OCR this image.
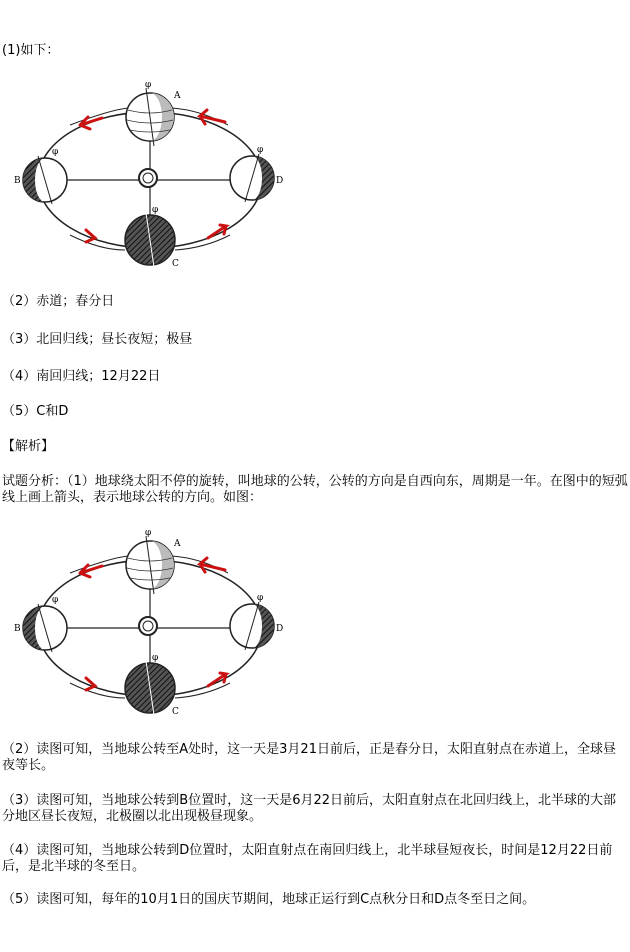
(1)如下：
A
φ
B
φ
D
φ
C
φ
（2）赤道；春分日
（3）北回归线；昼长夜短；极昼
（4）南回归线；12月22日
（5）C和D
【解析】
试题分析：（1）地球绕太阳不停的旋转，叫地球的公转，公转的方向是自西向东，周期是一年。在图中的短弧线上画上箭头，表示地球公转的方向。如图：
A
φ
B
φ
D
φ
C
φ
（2）读图可知，当地球公转至A处时，这一天是3月21日前后，正是春分日，太阳直射点在赤道上，全球昼夜等长。
（3）读图可知，当地球公转到B位置时，这一天是6月22日前后，太阳直射点在北回归线上，北半球的大部分地区昼长夜短，北极圈以北出现极昼现象。
（4）读图可知，当地球公转到D位置时，太阳直射点在南回归线上，北半球昼短夜长，时间是12月22日前后，是北半球的冬至日。
（5）读图可知，每年的10月1日的国庆节期间，地球正运行到C点秋分日和D点冬至日之间。
